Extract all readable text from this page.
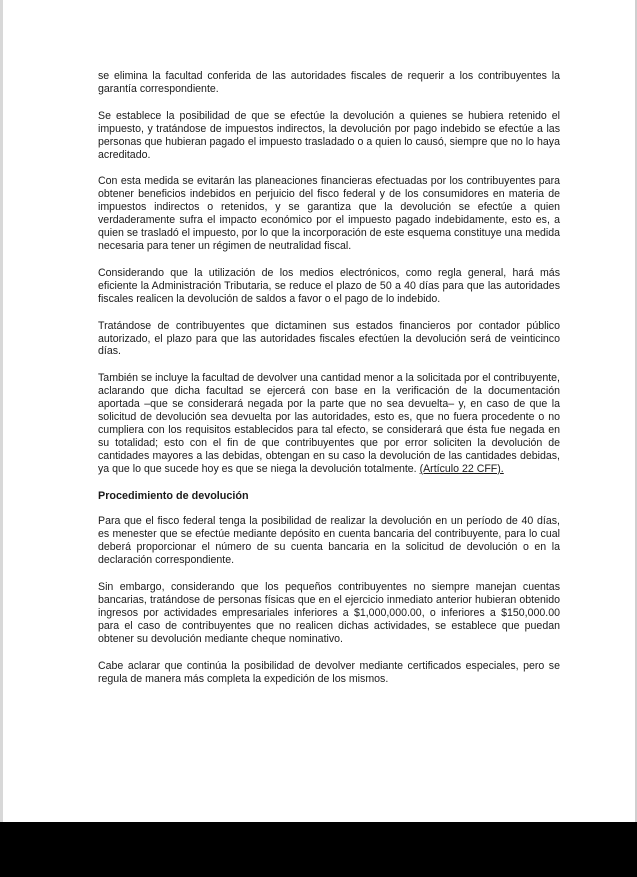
se elimina la facultad conferida de las autoridades fiscales de requerir a los contribuyentes la garantía correspondiente.

Se establece la posibilidad de que se efectúe la devolución a quienes se hubiera retenido el impuesto, y tratándose de impuestos indirectos, la devolución por pago indebido se efectúe a las personas que hubieran pagado el impuesto trasladado o a quien lo causó, siempre que no lo haya acreditado.

Con esta medida se evitarán las planeaciones financieras efectuadas por los contribuyentes para obtener beneficios indebidos en perjuicio del fisco federal y de los consumidores en materia de impuestos indirectos o retenidos, y se garantiza que la devolución se efectúe a quien verdaderamente sufra el impacto económico por el impuesto pagado indebidamente, esto es, a quien se trasladó el impuesto, por lo que la incorporación de este esquema constituye una medida necesaria para tener un régimen de neutralidad fiscal.

Considerando que la utilización de los medios electrónicos, como regla general, hará más eficiente la Administración Tributaria, se reduce el plazo de 50 a 40 días para que las autoridades fiscales realicen la devolución de saldos a favor o el pago de lo indebido.

Tratándose de contribuyentes que dictaminen sus estados financieros por contador público autorizado, el plazo para que las autoridades fiscales efectúen la devolución será de veinticinco días.

También se incluye la facultad de devolver una cantidad menor a la solicitada por el contribuyente, aclarando que dicha facultad se ejercerá con base en la verificación de la documentación aportada –que se considerará negada por la parte que no sea devuelta– y, en caso de que la solicitud de devolución sea devuelta por las autoridades, esto es, que no fuera procedente o no cumpliera con los requisitos establecidos para tal efecto, se considerará que ésta fue negada en su totalidad; esto con el fin de que contribuyentes que por error soliciten la devolución de cantidades mayores a las debidas, obtengan en su caso la devolución de las cantidades debidas, ya que lo que sucede hoy es que se niega la devolución totalmente. (Artículo 22 CFF).

Procedimiento de devolución

Para que el fisco federal tenga la posibilidad de realizar la devolución en un período de 40 días, es menester que se efectúe mediante depósito en cuenta bancaria del contribuyente, para lo cual deberá proporcionar el número de su cuenta bancaria en la solicitud de devolución o en la declaración correspondiente.

Sin embargo, considerando que los pequeños contribuyentes no siempre manejan cuentas bancarias, tratándose de personas físicas que en el ejercicio inmediato anterior hubieran obtenido ingresos por actividades empresariales inferiores a $1,000,000.00, o inferiores a $150,000.00 para el caso de contribuyentes que no realicen dichas actividades, se establece que puedan obtener su devolución mediante cheque nominativo.

Cabe aclarar que continúa la posibilidad de devolver mediante certificados especiales, pero se regula de manera más completa la expedición de los mismos.
